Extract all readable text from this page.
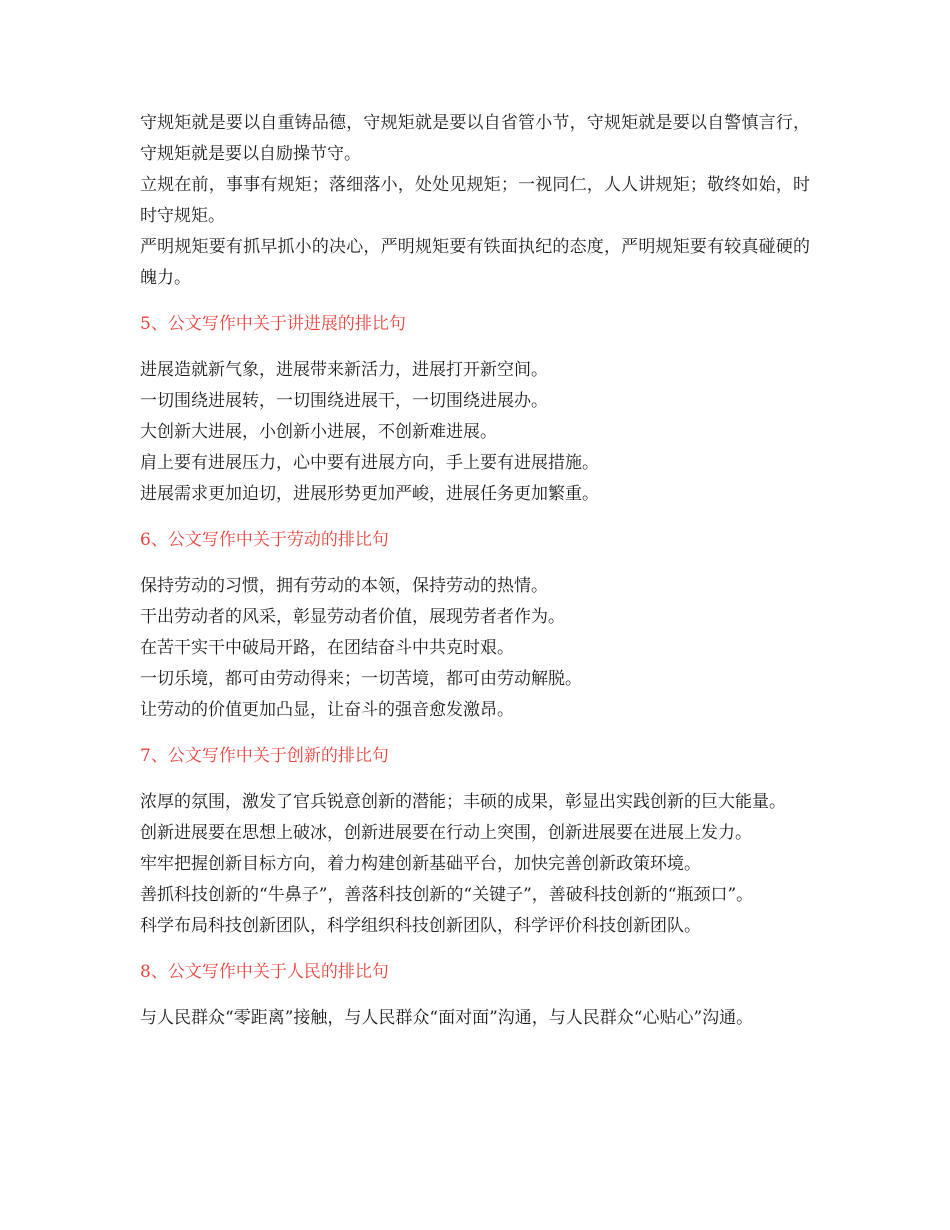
守规矩就是要以自重铸品德，守规矩就是要以自省管小节，守规矩就是要以自警慎言行，守规矩就是要以自励操节守。

立规在前，事事有规矩；落细落小，处处见规矩；一视同仁，人人讲规矩；敬终如始，时时守规矩。

严明规矩要有抓早抓小的决心，严明规矩要有铁面执纪的态度，严明规矩要有较真碰硬的魄力。

5、公文写作中关于讲进展的排比句

进展造就新气象，进展带来新活力，进展打开新空间。

一切围绕进展转，一切围绕进展干，一切围绕进展办。

大创新大进展，小创新小进展，不创新难进展。

肩上要有进展压力，心中要有进展方向，手上要有进展措施。

进展需求更加迫切，进展形势更加严峻，进展任务更加繁重。

6、公文写作中关于劳动的排比句

保持劳动的习惯，拥有劳动的本领，保持劳动的热情。

干出劳动者的风采，彰显劳动者价值，展现劳者者作为。

在苦干实干中破局开路，在团结奋斗中共克时艰。

一切乐境，都可由劳动得来；一切苦境，都可由劳动解脱。

让劳动的价值更加凸显，让奋斗的强音愈发激昂。

7、公文写作中关于创新的排比句

浓厚的氛围，激发了官兵锐意创新的潜能；丰硕的成果，彰显出实践创新的巨大能量。

创新进展要在思想上破冰，创新进展要在行动上突围，创新进展要在进展上发力。

牢牢把握创新目标方向，着力构建创新基础平台，加快完善创新政策环境。

善抓科技创新的“牛鼻子”，善落科技创新的“关键子”，善破科技创新的“瓶颈口”。

科学布局科技创新团队，科学组织科技创新团队，科学评价科技创新团队。

8、公文写作中关于人民的排比句

与人民群众“零距离”接触，与人民群众“面对面”沟通，与人民群众“心贴心”沟通。
